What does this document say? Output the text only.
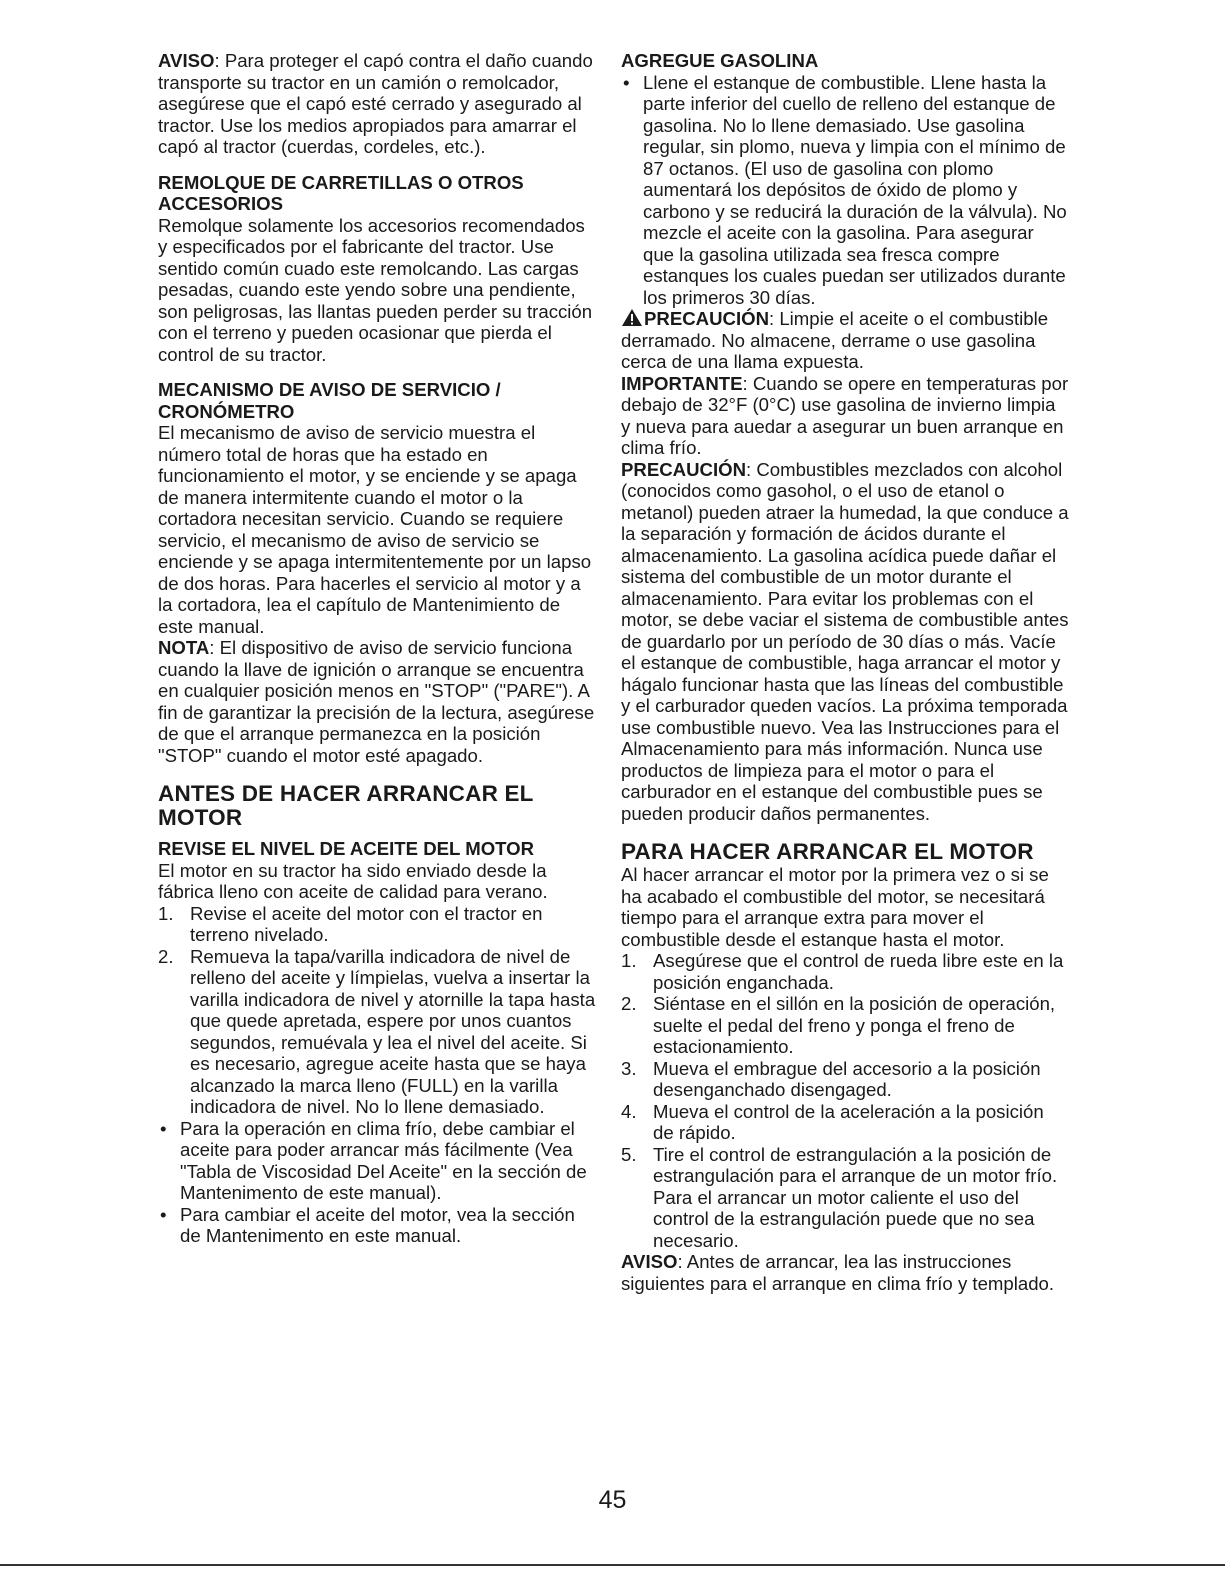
AVISO: Para proteger el capó contra el daño cuando transporte su tractor en un camión o remolcador, asegúrese que el capó esté cerrado y asegurado al tractor. Use los medios apropiados para amarrar el capó al tractor (cuerdas, cordeles, etc.).

REMOLQUE DE CARRETILLAS O OTROS ACCESORIOS

Remolque solamente los accesorios recomendados y especificados por el fabricante del tractor. Use sentido común cuado este remolcando. Las cargas pesadas, cuando este yendo sobre una pendiente, son peligrosas, las llantas pueden perder su tracción con el terreno y pueden ocasionar que pierda el control de su tractor.

MECANISMO DE AVISO DE SERVICIO / CRONÓMETRO

El mecanismo de aviso de servicio muestra el número total de horas que ha estado en funcionamiento el motor, y se enciende y se apaga de manera intermitente cuando el motor o la cortadora necesitan servicio. Cuando se requiere servicio, el mecanismo de aviso de servicio se enciende y se apaga intermitentemente por un lapso de dos horas. Para hacerles el servicio al motor y a la cortadora, lea el capítulo de Mantenimiento de este manual.

NOTA: El dispositivo de aviso de servicio funciona cuando la llave de ignición o arranque se encuentra en cualquier posición menos en "STOP" ("PARE"). A fin de garantizar la precisión de la lectura, asegúrese de que el arranque permanezca en la posición "STOP" cuando el motor esté apagado.

ANTES DE HACER ARRANCAR EL MOTOR
REVISE EL NIVEL DE ACEITE DEL MOTOR

El motor en su tractor ha sido enviado desde la fábrica lleno con aceite de calidad para verano.

1. Revise el aceite del motor con el tractor en terreno nivelado.
2. Remueva la tapa/varilla indicadora de nivel de relleno del aceite y límpielas, vuelva a insertar la varilla indicadora de nivel y atornille la tapa hasta que quede apretada, espere por unos cuantos segundos, remuévala y lea el nivel del aceite. Si es necesario, agregue aceite hasta que se haya alcanzado la marca lleno (FULL) en la varilla indicadora de nivel. No lo llene demasiado.
• Para la operación en clima frío, debe cambiar el aceite para poder arrancar más fácilmente (Vea "Tabla de Viscosidad Del Aceite" en la sección de Mantenimento de este manual).
• Para cambiar el aceite del motor, vea la sección de Mantenimento en este manual.
AGREGUE GASOLINA
• Llene el estanque de combustible. Llene hasta la parte inferior del cuello de relleno del estanque de gasolina. No lo llene demasiado. Use gasolina regular, sin plomo, nueva y limpia con el mínimo de 87 octanos. (El uso de gasolina con plomo aumentará los depósitos de óxido de plomo y carbono y se reducirá la duración de la válvula). No mezcle el aceite con la gasolina. Para asegurar que la gasolina utilizada sea fresca compre estanques los cuales puedan ser utilizados durante los primeros 30 días.

PRECAUCIÓN: Limpie el aceite o el combustible derramado. No almacene, derrame o use gasolina cerca de una llama expuesta.

IMPORTANTE: Cuando se opere en temperaturas por debajo de 32°F (0°C) use gasolina de invierno limpia y nueva para auedar a asegurar un buen arranque en clima frío.

PRECAUCIÓN: Combustibles mezclados con alcohol (conocidos como gasohol, o el uso de etanol o metanol) pueden atraer la humedad, la que conduce a la separación y formación de ácidos durante el almacenamiento. La gasolina acídica puede dañar el sistema del combustible de un motor durante el almacenamiento. Para evitar los problemas con el motor, se debe vaciar el sistema de combustible antes de guardarlo por un período de 30 días o más. Vacíe el estanque de combustible, haga arrancar el motor y hágalo funcionar hasta que las líneas del combustible y el carburador queden vacíos. La próxima temporada use combustible nuevo. Vea las Instrucciones para el Almacenamiento para más información. Nunca use productos de limpieza para el motor o para el carburador en el estanque del combustible pues se pueden producir daños permanentes.

PARA HACER ARRANCAR EL MOTOR

Al hacer arrancar el motor por la primera vez o si se ha acabado el combustible del motor, se necesitará tiempo para el arranque extra para mover el combustible desde el estanque hasta el motor.

1. Asegúrese que el control de rueda libre este en la posición enganchada.
2. Siéntase en el sillón en la posición de operación, suelte el pedal del freno y ponga el freno de estacionamiento.
3. Mueva el embrague del accesorio a la posición desenganchado disengaged.
4. Mueva el control de la aceleración a la posición de rápido.
5. Tire el control de estrangulación a la posición de estrangulación para el arranque de un motor frío. Para el arrancar un motor caliente el uso del control de la estrangulación puede que no sea necesario.

AVISO: Antes de arrancar, lea las instrucciones siguientes para el arranque en clima frío y templado.

45
